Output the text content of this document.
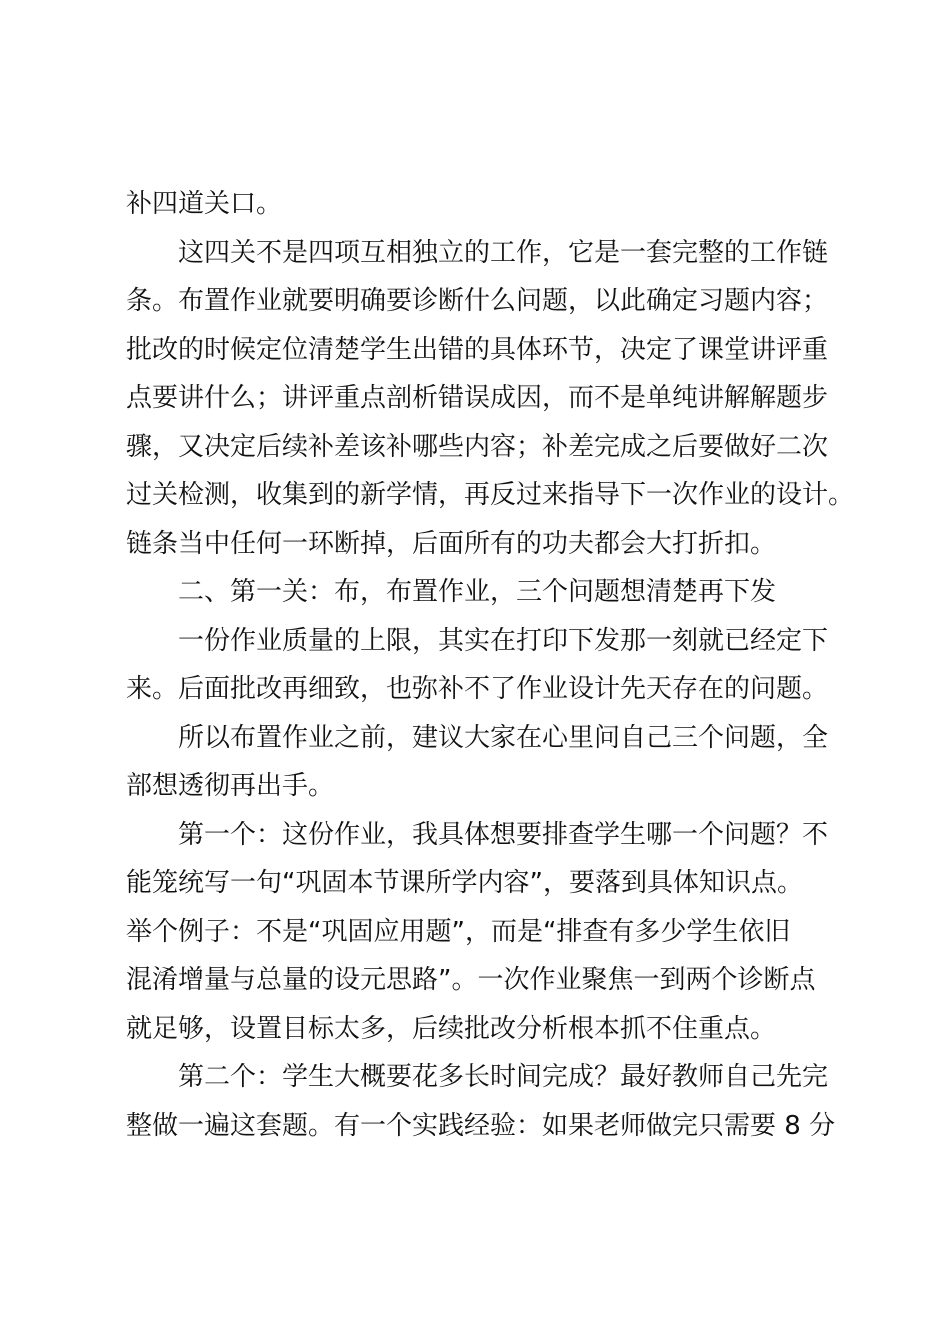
补四道关口。
这四关不是四项互相独立的工作，它是一套完整的工作链
条。布置作业就要明确要诊断什么问题，以此确定习题内容；
批改的时候定位清楚学生出错的具体环节，决定了课堂讲评重
点要讲什么；讲评重点剖析错误成因，而不是单纯讲解解题步
骤，又决定后续补差该补哪些内容；补差完成之后要做好二次
过关检测，收集到的新学情，再反过来指导下一次作业的设计。
链条当中任何一环断掉，后面所有的功夫都会大打折扣。
二、第一关：布，布置作业，三个问题想清楚再下发
一份作业质量的上限，其实在打印下发那一刻就已经定下
来。后面批改再细致，也弥补不了作业设计先天存在的问题。
所以布置作业之前，建议大家在心里问自己三个问题，全
部想透彻再出手。
第一个：这份作业，我具体想要排查学生哪一个问题？不
能笼统写一句“巩固本节课所学内容”，要落到具体知识点。
举个例子：不是“巩固应用题”，而是“排查有多少学生依旧
混淆增量与总量的设元思路”。一次作业聚焦一到两个诊断点
就足够，设置目标太多，后续批改分析根本抓不住重点。
第二个：学生大概要花多长时间完成？最好教师自己先完
整做一遍这套题。有一个实践经验：如果老师做完只需要 8 分
